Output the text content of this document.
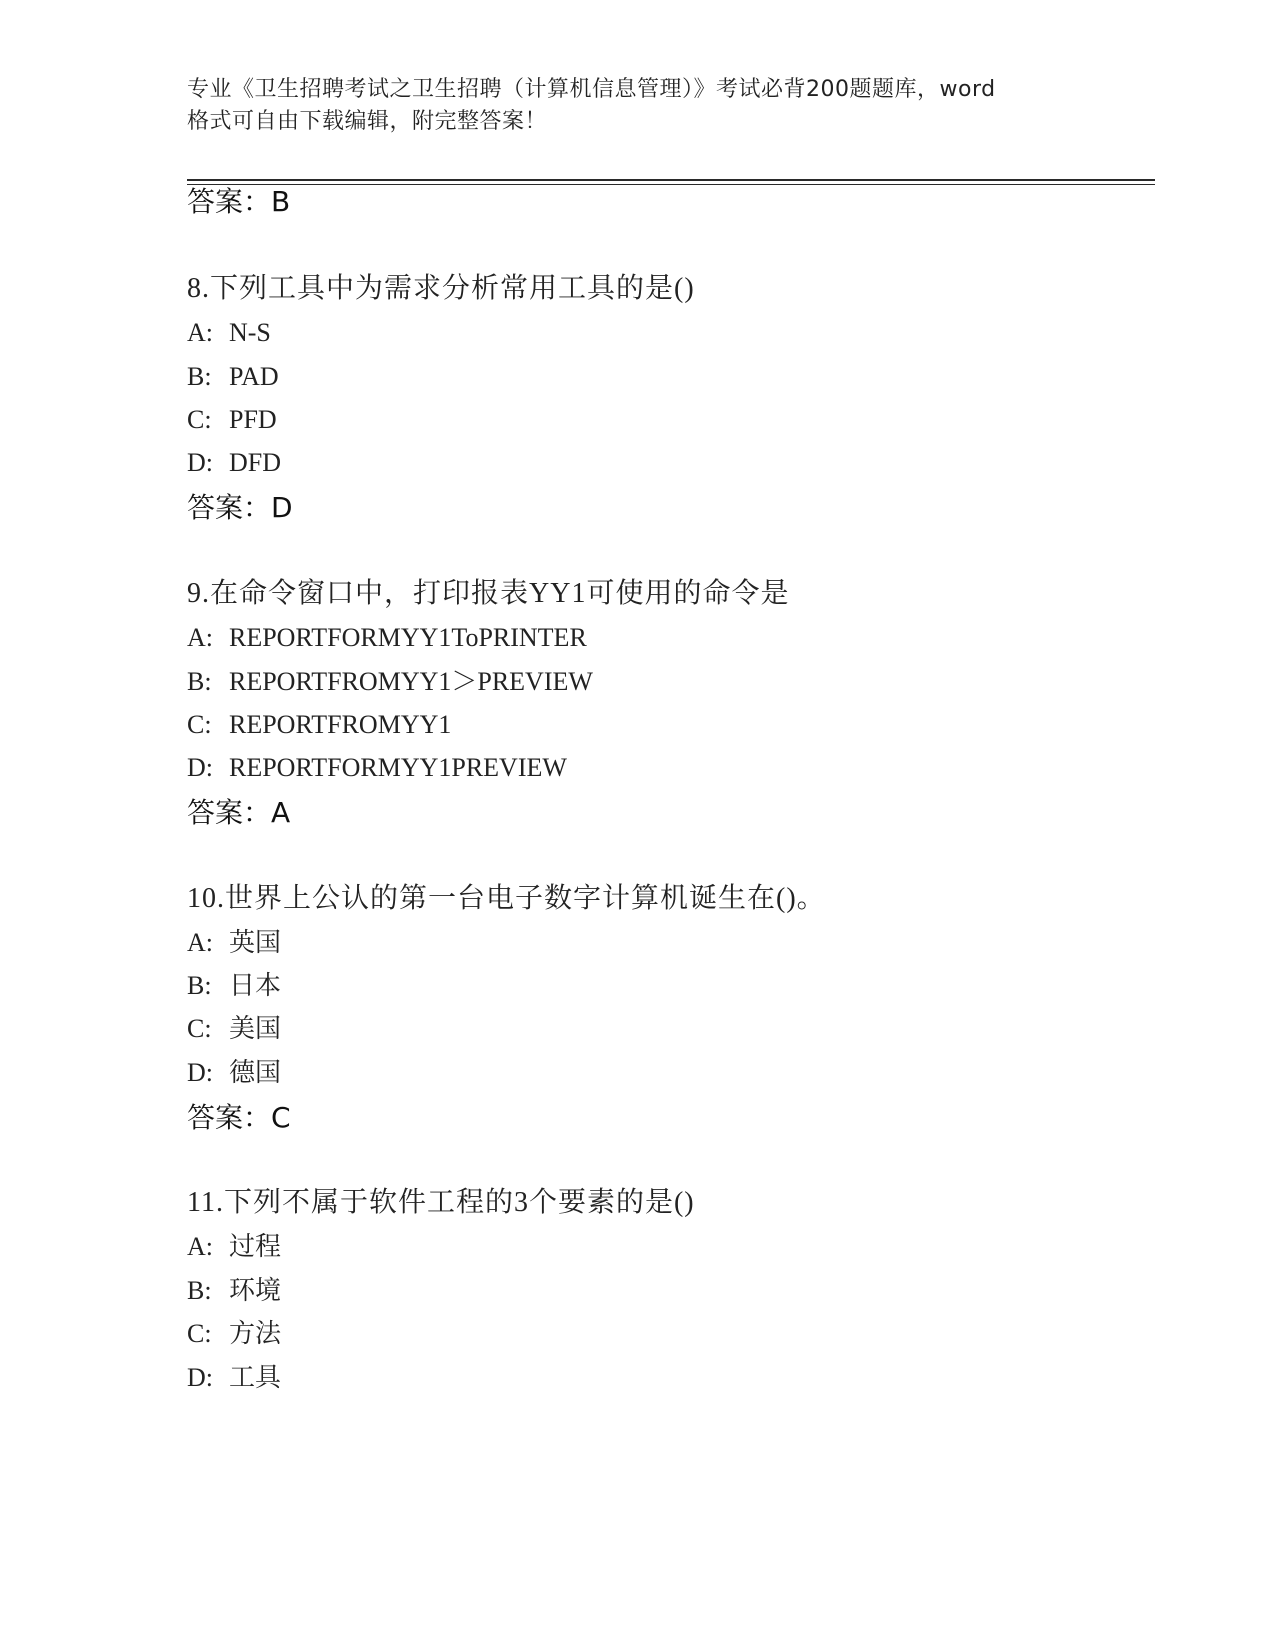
专业《卫生招聘考试之卫生招聘（计算机信息管理）》考试必背200题题库，word
格式可自由下载编辑，附完整答案！
答案：B
8.下列工具中为需求分析常用工具的是()
A: N-S
B: PAD
C: PFD
D: DFD
答案：D
9.在命令窗口中，打印报表YY1可使用的命令是
A: REPORTFORMYY1ToPRINTER
B: REPORTFROMYY1＞PREVIEW
C: REPORTFROMYY1
D: REPORTFORMYY1PREVIEW
答案：A
10.世界上公认的第一台电子数字计算机诞生在()。
A: 英国
B: 日本
C: 美国
D: 德国
答案：C
11.下列不属于软件工程的3个要素的是()
A: 过程
B: 环境
C: 方法
D: 工具
